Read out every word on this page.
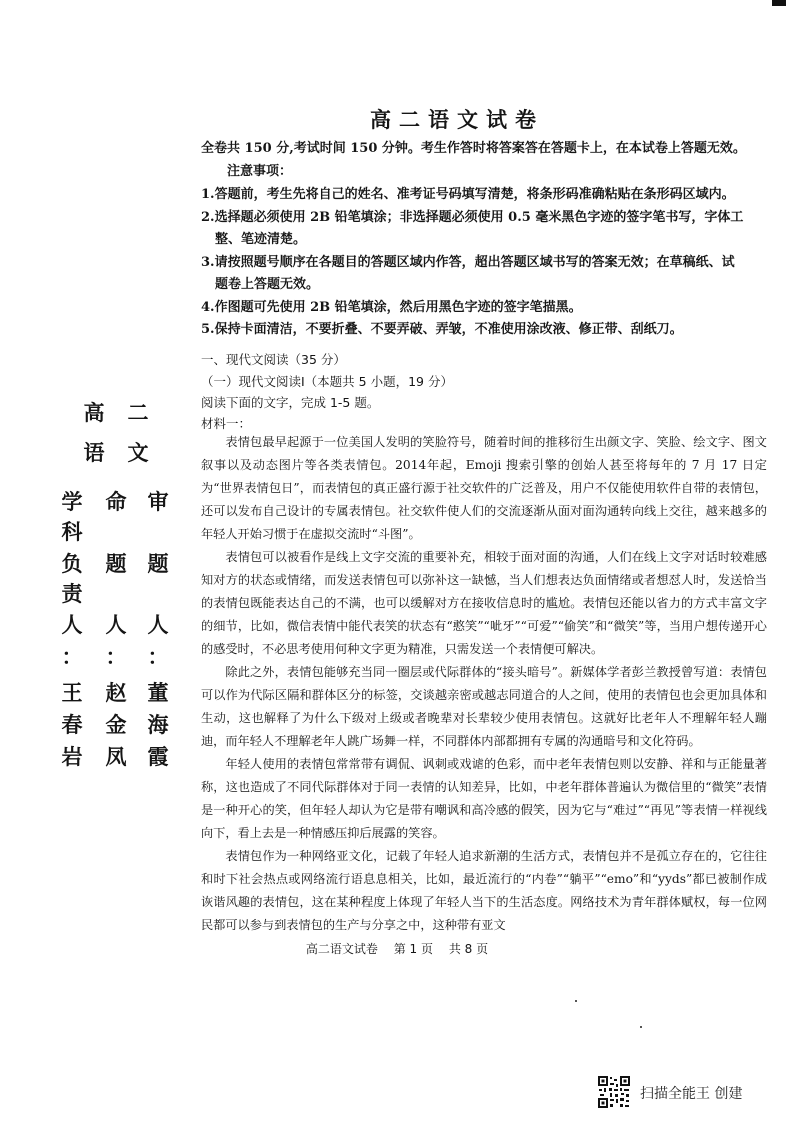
高二语文试卷
全卷共 150 分,考试时间 150 分钟。考生作答时将答案答在答题卡上，在本试卷上答题无效。
注意事项：
1.答题前，考生先将自己的姓名、准考证号码填写清楚，将条形码准确粘贴在条形码区域内。
2.选择题必须使用 2B 铅笔填涂；非选择题必须使用 0.5 毫米黑色字迹的签字笔书写，字体工
整、笔迹清楚。
3.请按照题号顺序在各题目的答题区域内作答，超出答题区域书写的答案无效；在草稿纸、试
题卷上答题无效。
4.作图题可先使用 2B 铅笔填涂，然后用黑色字迹的签字笔描黑。
5.保持卡面清洁，不要折叠、不要弄破、弄皱，不准使用涂改液、修正带、刮纸刀。
高 二
语 文
学
科
负
责
人
：
王
春
岩
命
题
人
：
赵
金
凤
审
题
人
：
董
海
霞
一、现代文阅读（35 分）
（一）现代文阅读Ⅰ（本题共 5 小题，19 分）
阅读下面的文字，完成 1-5 题。
材料一：

表情包最早起源于一位美国人发明的笑脸符号，随着时间的推移衍生出颜文字、笑脸、绘文字、图文叙事以及动态图片等各类表情包。2014年起，Emoji 搜索引擎的创始人甚至将每年的 7 月 17 日定为“世界表情包日”，而表情包的真正盛行源于社交软件的广泛普及，用户不仅能使用软件自带的表情包，还可以发布自己设计的专属表情包。社交软件使人们的交流逐渐从面对面沟通转向线上交往，越来越多的年轻人开始习惯于在虚拟交流时“斗图”。

表情包可以被看作是线上文字交流的重要补充，相较于面对面的沟通，人们在线上文字对话时较难感知对方的状态或情绪，而发送表情包可以弥补这一缺憾，当人们想表达负面情绪或者想怼人时，发送恰当的表情包既能表达自己的不满，也可以缓解对方在接收信息时的尴尬。表情包还能以省力的方式丰富文字的细节，比如，微信表情中能代表笑的状态有“憨笑”“呲牙”“可爱”“偷笑”和“微笑”等，当用户想传递开心的感受时，不必思考使用何种文字更为精准，只需发送一个表情便可解决。

除此之外，表情包能够充当同一圈层或代际群体的“接头暗号”。新媒体学者彭兰教授曾写道：表情包可以作为代际区隔和群体区分的标签，交谈越亲密或越志同道合的人之间，使用的表情包也会更加具体和生动，这也解释了为什么下级对上级或者晚辈对长辈较少使用表情包。这就好比老年人不理解年轻人蹦迪，而年轻人不理解老年人跳广场舞一样，不同群体内部都拥有专属的沟通暗号和文化符码。

年轻人使用的表情包常常带有调侃、讽刺或戏谑的色彩，而中老年表情包则以安静、祥和与正能量著称，这也造成了不同代际群体对于同一表情的认知差异，比如，中老年群体普遍认为微信里的“微笑”表情是一种开心的笑，但年轻人却认为它是带有嘲讽和高冷感的假笑，因为它与“难过”“再见”等表情一样视线向下，看上去是一种情感压抑后展露的笑容。

表情包作为一种网络亚文化，记载了年轻人追求新潮的生活方式，表情包并不是孤立存在的，它往往和时下社会热点或网络流行语息息相关，比如，最近流行的“内卷”“躺平”“emo”和“yyds”都已被制作成诙谐风趣的表情包，这在某种程度上体现了年轻人当下的生活态度。网络技术为青年群体赋权，每一位网民都可以参与到表情包的生产与分享之中，这种带有亚文

高二语文试卷 第 1 页 共 8 页
扫描全能王 创建
